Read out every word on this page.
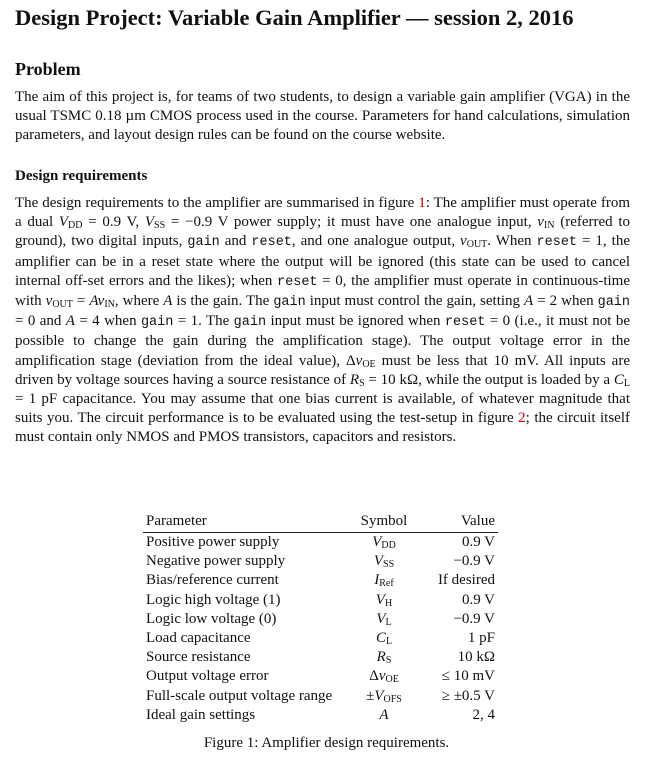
Design Project: Variable Gain Amplifier — session 2, 2016
Problem
The aim of this project is, for teams of two students, to design a variable gain amplifier (VGA) in the usual TSMC 0.18 µm CMOS process used in the course. Parameters for hand calculations, simulation parameters, and layout design rules can be found on the course website.
Design requirements
The design requirements to the amplifier are summarised in figure 1: The amplifier must operate from a dual $V_{DD} = 0.9$ V, $V_{SS} = -0.9$ V power supply; it must have one analogue input, $v_{IN}$ (referred to ground), two digital inputs, gain and reset, and one analogue output, $v_{OUT}$. When reset = 1, the amplifier can be in a reset state where the output will be ignored (this state can be used to cancel internal off-set errors and the likes); when reset = 0, the amplifier must operate in continuous-time with $v_{OUT} = Av_{IN}$, where A is the gain. The gain input must control the gain, setting A = 2 when gain = 0 and A = 4 when gain = 1. The gain input must be ignored when reset = 0 (i.e., it must not be possible to change the gain during the amplification stage). The output voltage error in the amplification stage (deviation from the ideal value), $\Delta v_{OE}$ must be less that 10 mV. All inputs are driven by voltage sources having a source resistance of $R_S = 10$ kΩ, while the output is loaded by a $C_L = 1$ pF capacitance. You may assume that one bias current is available, of whatever magnitude that suits you. The circuit performance is to be evaluated using the test-setup in figure 2; the circuit itself must contain only NMOS and PMOS transistors, capacitors and resistors.
Parameter	Symbol	Value
Positive power supply	$V_{DD}$	0.9 V
Negative power supply	$V_{SS}$	−0.9 V
Bias/reference current	$I_{Ref}$	If desired
Logic high voltage (1)	$V_H$	0.9 V
Logic low voltage (0)	$V_L$	−0.9 V
Load capacitance	$C_L$	1 pF
Source resistance	$R_S$	10 kΩ
Output voltage error	$\Delta v_{OE}$	≤ 10 mV
Full-scale output voltage range	$\pm V_{OFS}$	≥ ±0.5 V
Ideal gain settings	A	2, 4
Figure 1: Amplifier design requirements.
